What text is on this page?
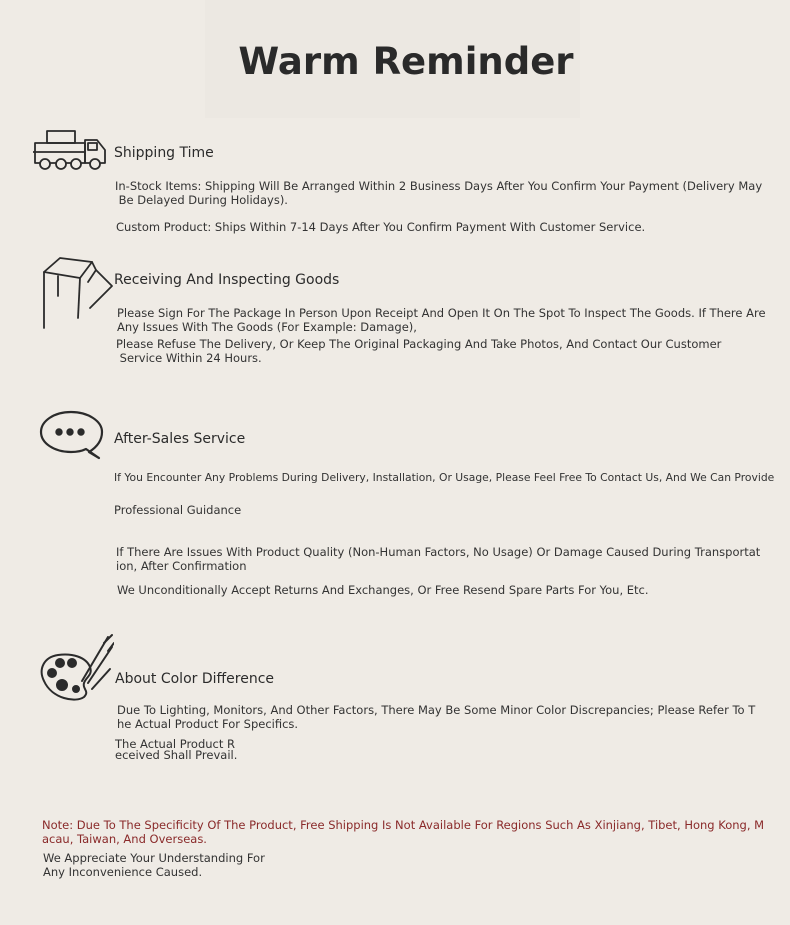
Warm Reminder
Shipping Time

In-Stock Items: Shipping Will Be Arranged Within 2 Business Days After You Confirm Your Payment (Delivery May

Be Delayed During Holidays).

Custom Product: Ships Within 7-14 Days After You Confirm Payment With Customer Service.

Receiving And Inspecting Goods

Please Sign For The Package In Person Upon Receipt And Open It On The Spot To Inspect The Goods. If There Are

Any Issues With The Goods (For Example: Damage),

Please Refuse The Delivery, Or Keep The Original Packaging And Take Photos, And Contact Our Customer

Service Within 24 Hours.

After-Sales Service

If You Encounter Any Problems During Delivery, Installation, Or Usage, Please Feel Free To Contact Us, And We Can Provide

Professional Guidance

If There Are Issues With Product Quality (Non-Human Factors, No Usage) Or Damage Caused During Transportat

ion, After Confirmation

We Unconditionally Accept Returns And Exchanges, Or Free Resend Spare Parts For You, Etc.

About Color Difference

Due To Lighting, Monitors, And Other Factors, There May Be Some Minor Color Discrepancies; Please Refer To T

he Actual Product For Specifics.

The Actual Product R

eceived Shall Prevail.

Note: Due To The Specificity Of The Product, Free Shipping Is Not Available For Regions Such As Xinjiang, Tibet, Hong Kong, M

acau, Taiwan, And Overseas.

We Appreciate Your Understanding For

Any Inconvenience Caused.
